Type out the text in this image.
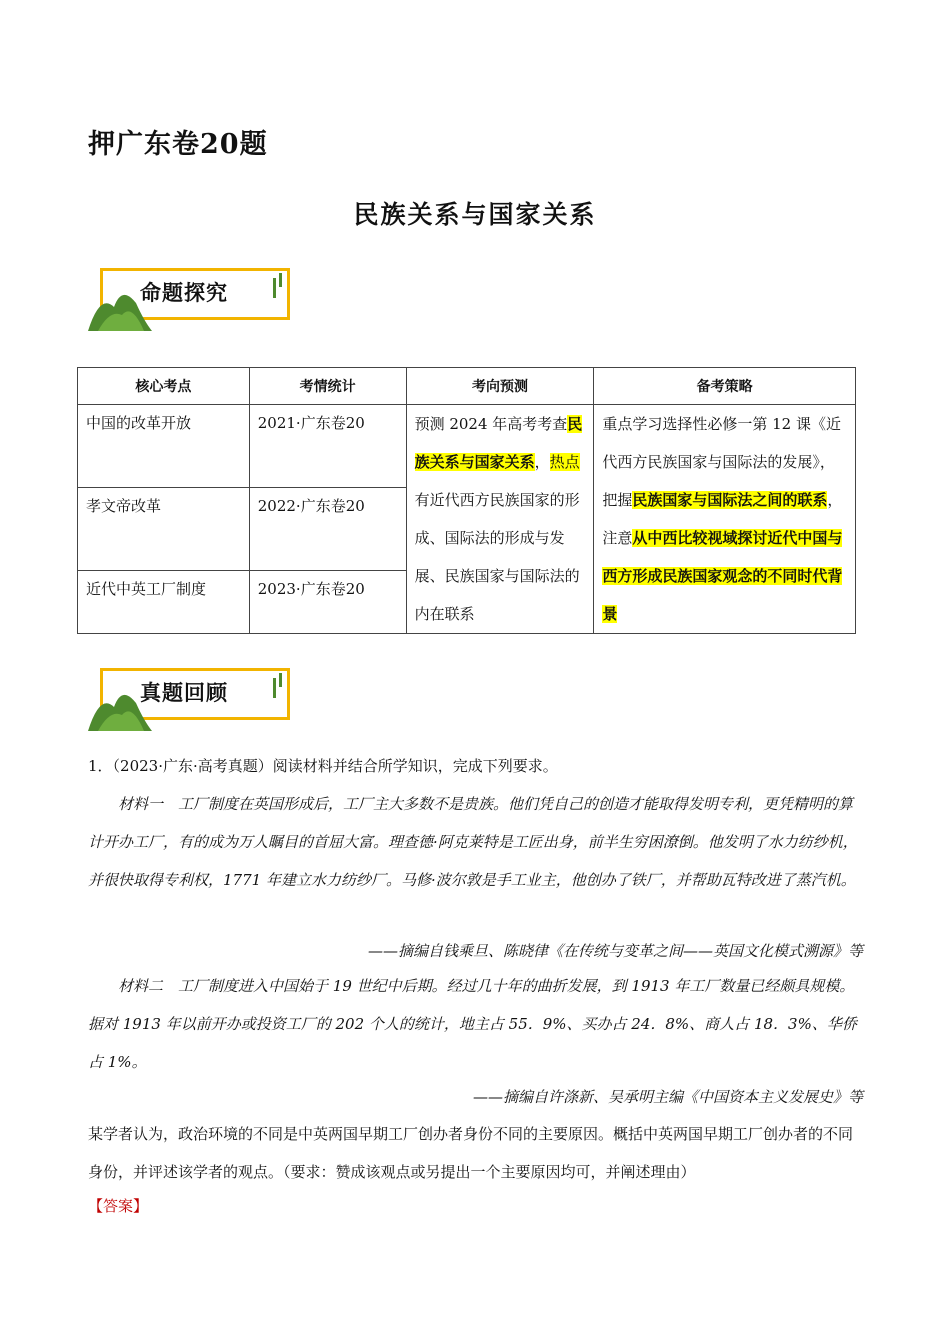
押广东卷20题
民族关系与国家关系
命题探究
核心考点	考情统计	考向预测	备考策略
中国的改革开放	2021·广东卷20	预测 2024 年高考考查民族关系与国家关系，热点有近代西方民族国家的形成、国际法的形成与发展、民族国家与国际法的内在联系	重点学习选择性必修一第 12 课《近代西方民族国家与国际法的发展》，把握民族国家与国际法之间的联系，注意从中西比较视域探讨近代中国与西方形成民族国家观念的不同时代背景
孝文帝改革	2022·广东卷20		
近代中英工厂制度	2023·广东卷20		
真题回顾
1．（2023·广东·高考真题）阅读材料并结合所学知识，完成下列要求。
材料一　工厂制度在英国形成后，工厂主大多数不是贵族。他们凭自己的创造才能取得发明专利，更凭精明的算计开办工厂，有的成为万人瞩目的首屈大富。理查德·阿克莱特是工匠出身，前半生穷困潦倒。他发明了水力纺纱机，并很快取得专利权，1771 年建立水力纺纱厂。马修·波尔敦是手工业主，他创办了铁厂，并帮助瓦特改进了蒸汽机。
——摘编自钱乘旦、陈晓律《在传统与变革之间——英国文化模式溯源》等
材料二　工厂制度进入中国始于 19 世纪中后期。经过几十年的曲折发展，到 1913 年工厂数量已经颇具规模。据对 1913 年以前开办或投资工厂的 202 个人的统计，地主占 55．9%、买办占 24．8%、商人占 18．3%、华侨占 1%。
——摘编自许涤新、吴承明主编《中国资本主义发展史》等
某学者认为，政治环境的不同是中英两国早期工厂创办者身份不同的主要原因。概括中英两国早期工厂创办者的不同身份，并评述该学者的观点。（要求：赞成该观点或另提出一个主要原因均可，并阐述理由）
【答案】
